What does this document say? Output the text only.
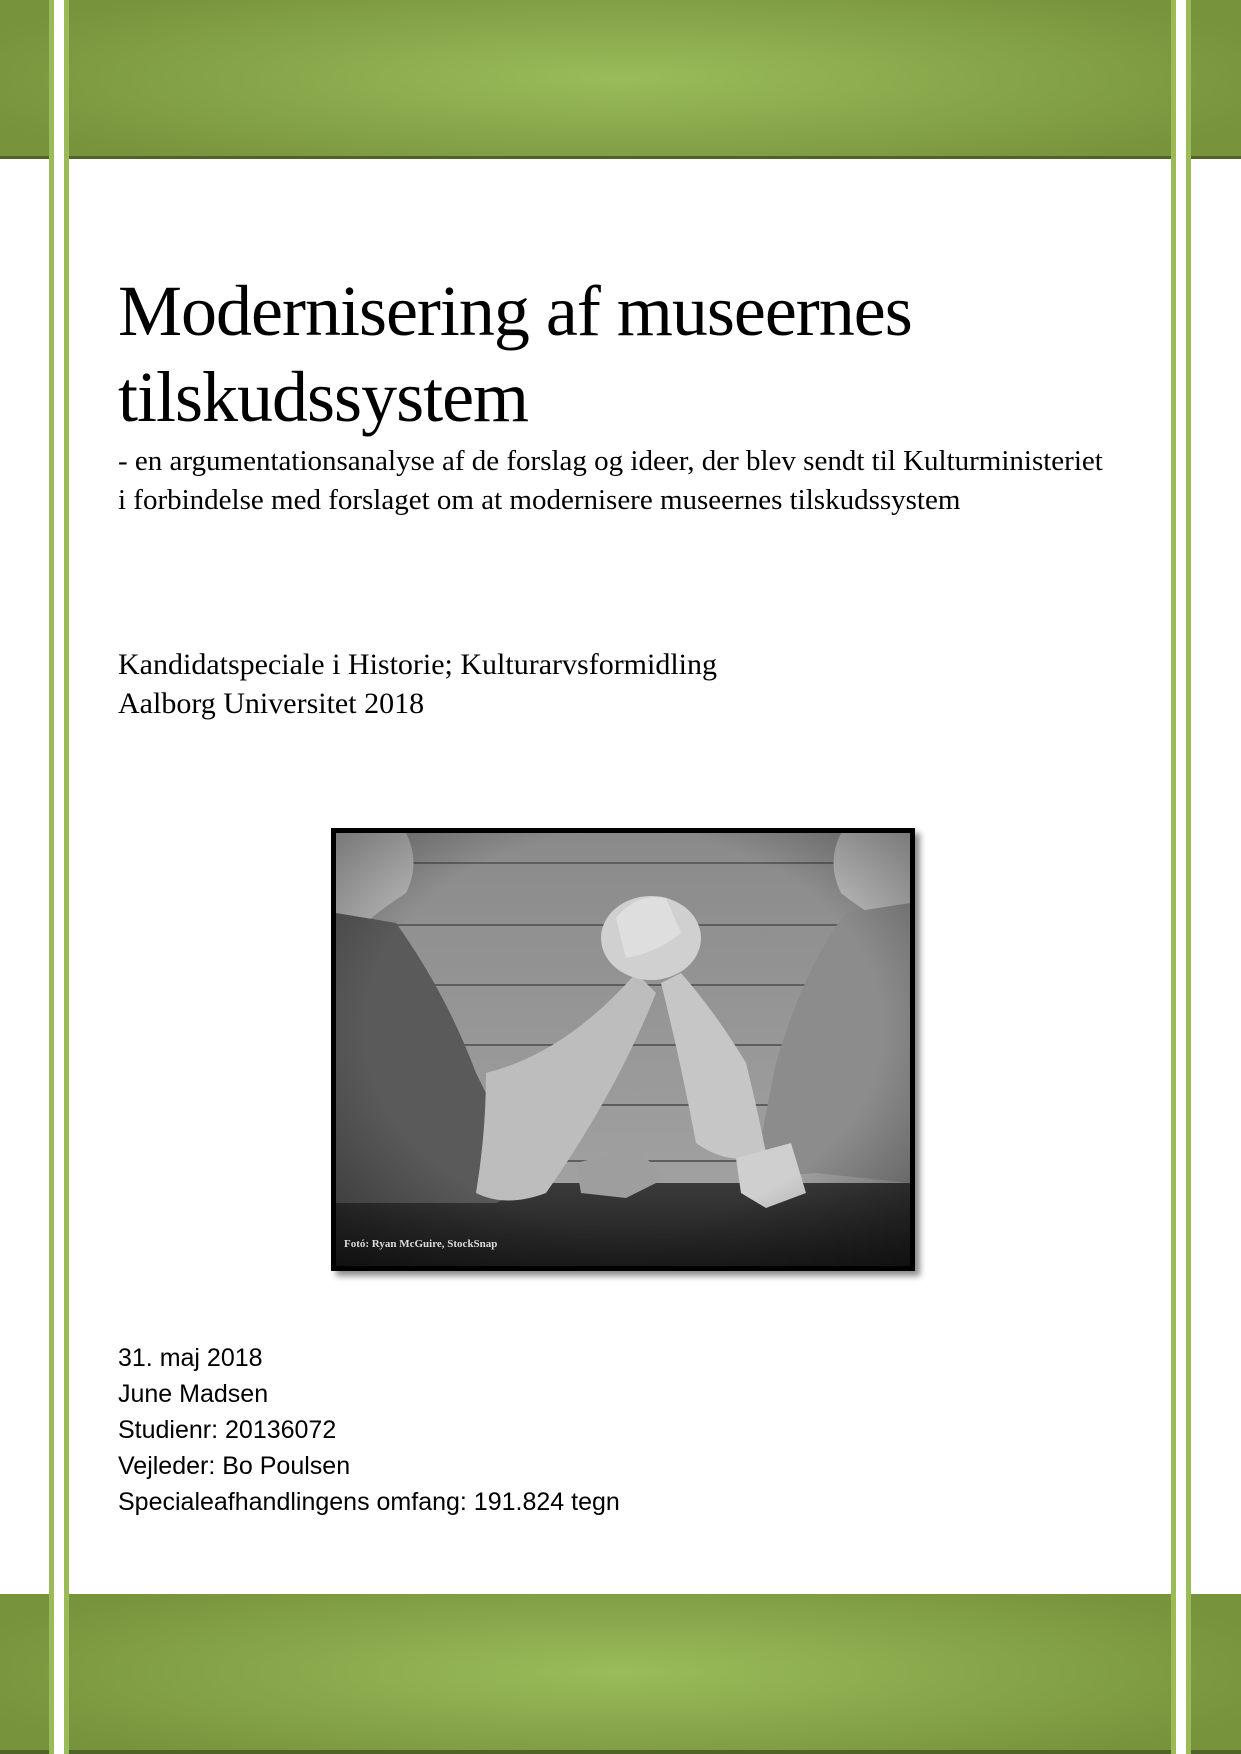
Modernisering af museernes
tilskudssystem

- en argumentationsanalyse af de forslag og ideer, der blev sendt til Kulturministeriet i forbindelse med forslaget om at modernisere museernes tilskudssystem

Kandidatspeciale i Historie; Kulturarvsformidling
Aalborg Universitet 2018
Fotó: Ryan McGuire, StockSnap
31. maj 2018
June Madsen
Studienr: 20136072
Vejleder: Bo Poulsen
Specialeafhandlingens omfang: 191.824 tegn
